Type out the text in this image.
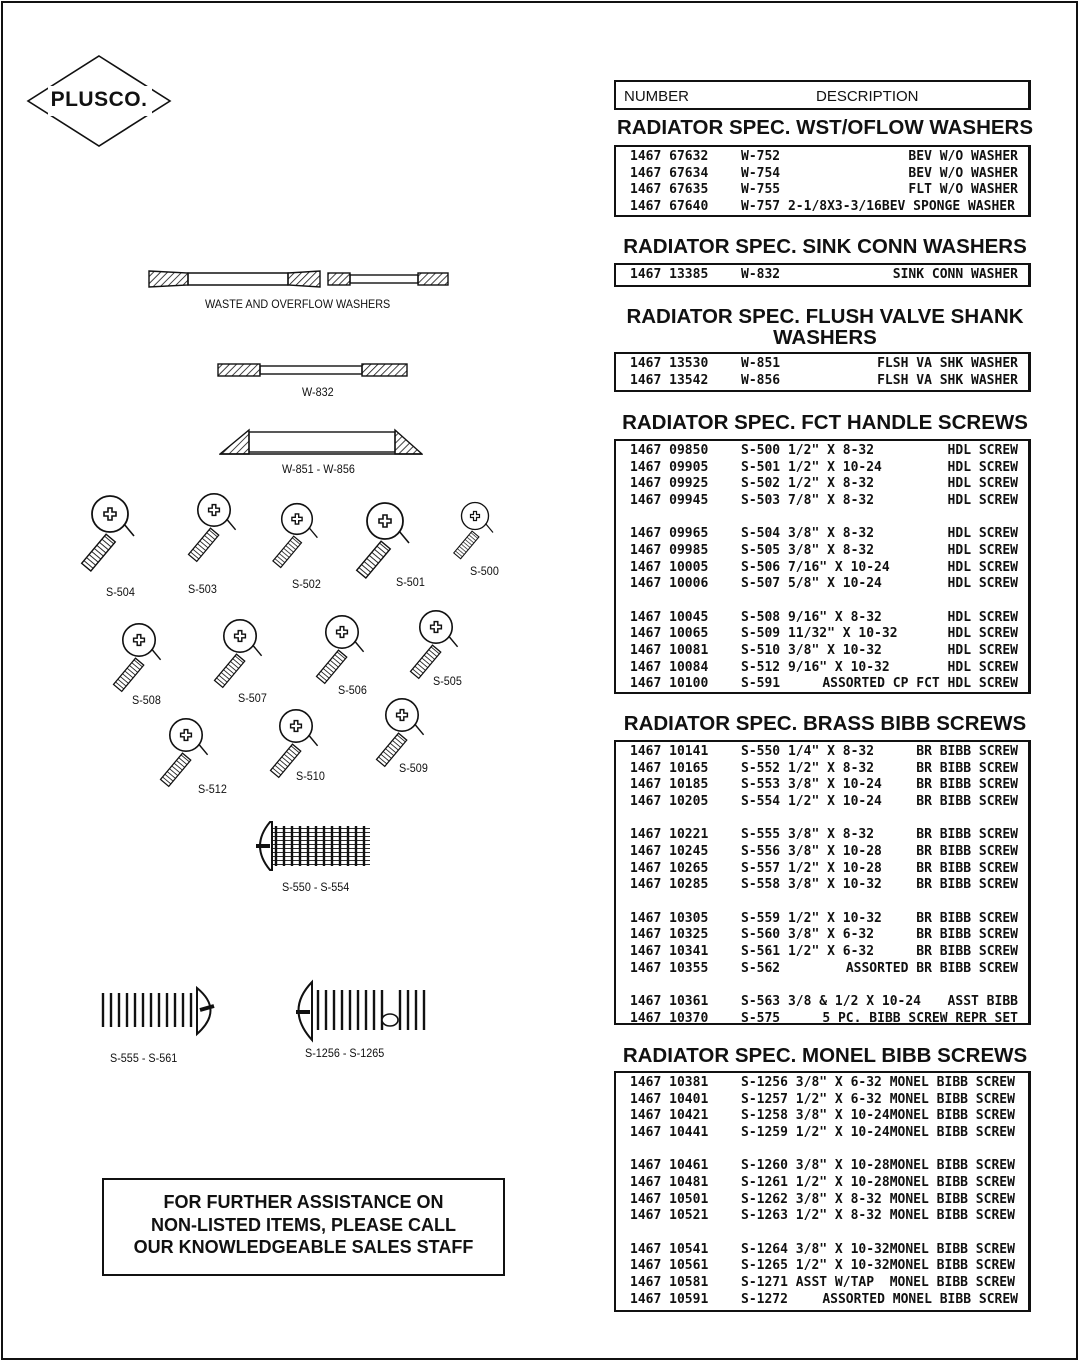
PLUSCO.
WASTE AND OVERFLOW WASHERS
W-832
W-851 - W-856
S-504	S-503	S-502	S-501
S-500
S-508	S-507
S-506
S-505
S-512
S-510
S-509
S-550 - S-554
S-555 - S-561	S-1256 - S-1265
NUMBER	DESCRIPTION
RADIATOR SPEC. WST/OFLOW WASHERS
1467 67632	W-752	BEV W/O WASHER
1467 67634	W-754	BEV W/O WASHER
1467 67635	W-755	FLT W/O WASHER
1467 67640	W-757 2-1/8X3-3/16BEV SPONGE WASHER
RADIATOR SPEC. SINK CONN WASHERS
1467 13385	W-832	SINK CONN WASHER
RADIATOR SPEC. FLUSH VALVE SHANK WASHERS
1467 13530	W-851	FLSH VA SHK WASHER
1467 13542	W-856	FLSH VA SHK WASHER
RADIATOR SPEC. FCT HANDLE SCREWS
1467 09850	S-500 1/2" X 8-32	HDL SCREW
1467 09905	S-501 1/2" X 10-24	HDL SCREW
1467 09925	S-502 1/2" X 8-32	HDL SCREW
1467 09945	S-503 7/8" X 8-32	HDL SCREW
1467 09965	S-504 3/8" X 8-32	HDL SCREW
1467 09985	S-505 3/8" X 8-32	HDL SCREW
1467 10005	S-506 7/16" X 10-24	HDL SCREW
1467 10006	S-507 5/8" X 10-24	HDL SCREW
1467 10045	S-508 9/16" X 8-32	HDL SCREW
1467 10065	S-509 11/32" X 10-32	HDL SCREW
1467 10081	S-510 3/8" X 10-32	HDL SCREW
1467 10084	S-512 9/16" X 10-32	HDL SCREW
1467 10100	S-591	ASSORTED CP FCT HDL SCREW
RADIATOR SPEC. BRASS BIBB SCREWS
1467 10141	S-550 1/4" X 8-32	BR BIBB SCREW
1467 10165	S-552 1/2" X 8-32	BR BIBB SCREW
1467 10185	S-553 3/8" X 10-24	BR BIBB SCREW
1467 10205	S-554 1/2" X 10-24	BR BIBB SCREW
1467 10221	S-555 3/8" X 8-32	BR BIBB SCREW
1467 10245	S-556 3/8" X 10-28	BR BIBB SCREW
1467 10265	S-557 1/2" X 10-28	BR BIBB SCREW
1467 10285	S-558 3/8" X 10-32	BR BIBB SCREW
1467 10305	S-559 1/2" X 10-32	BR BIBB SCREW
1467 10325	S-560 3/8" X 6-32	BR BIBB SCREW
1467 10341	S-561 1/2" X 6-32	BR BIBB SCREW
1467 10355	S-562	ASSORTED BR BIBB SCREW
1467 10361	S-563 3/8 & 1/2 X 10-24 ASST BIBB
1467 10370	S-575	5 PC. BIBB SCREW REPR SET
RADIATOR SPEC. MONEL BIBB SCREWS
1467 10381	S-1256 3/8" X 6-32 MONEL BIBB SCREW
1467 10401	S-1257 1/2" X 6-32 MONEL BIBB SCREW
1467 10421	S-1258 3/8" X 10-24MONEL BIBB SCREW
1467 10441	S-1259 1/2" X 10-24MONEL BIBB SCREW
1467 10461	S-1260 3/8" X 10-28MONEL BIBB SCREW
1467 10481	S-1261 1/2" X 10-28MONEL BIBB SCREW
1467 10501	S-1262 3/8" X 8-32 MONEL BIBB SCREW
1467 10521	S-1263 1/2" X 8-32 MONEL BIBB SCREW
1467 10541	S-1264 3/8" X 10-32MONEL BIBB SCREW
1467 10561	S-1265 1/2" X 10-32MONEL BIBB SCREW
1467 10581	S-1271 ASST W/TAP  MONEL BIBB SCREW
1467 10591	S-1272	ASSORTED MONEL BIBB SCREW
FOR FURTHER ASSISTANCE ON
NON-LISTED ITEMS, PLEASE CALL
OUR KNOWLEDGEABLE SALES STAFF
